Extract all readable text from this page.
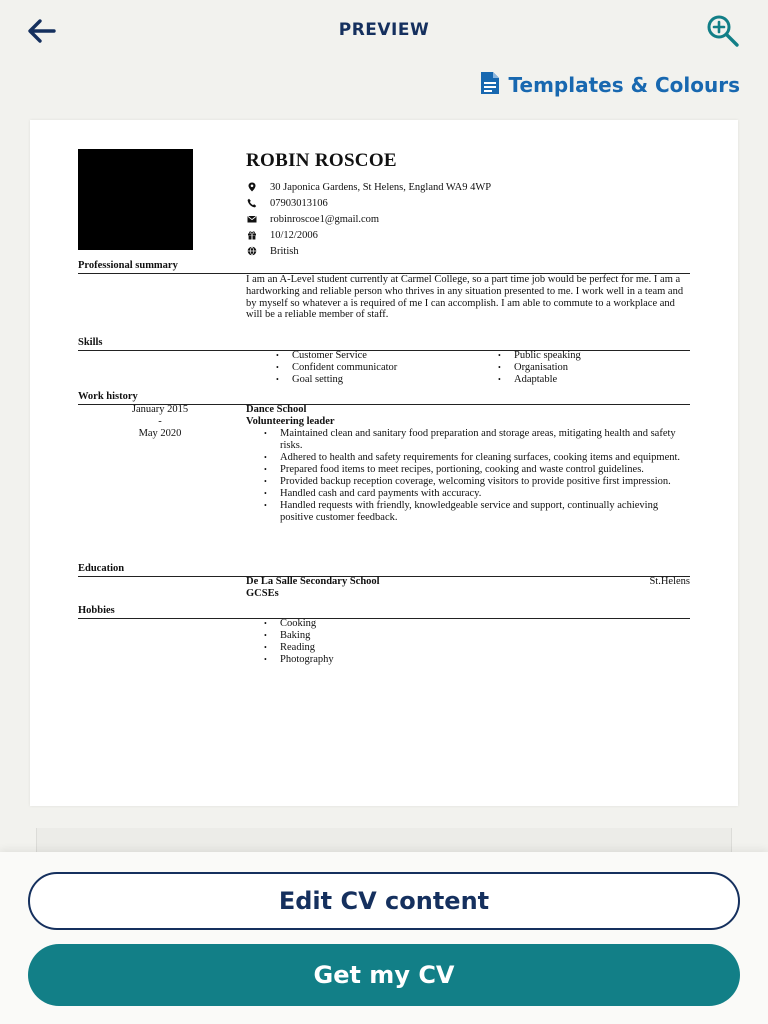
PREVIEW
Templates & Colours
ROBIN ROSCOE
30 Japonica Gardens, St Helens, England WA9 4WP
07903013106
robinroscoe1@gmail.com
10/12/2006
British
Professional summary
I am an A-Level student currently at Carmel College, so a part time job would be perfect for me. I am a hardworking and reliable person who thrives in any situation presented to me. I work well in a team and by myself so whatever a is required of me I can accomplish. I am able to commute to a workplace and will be a reliable member of staff.
Skills
• Customer Service
• Confident communicator
• Goal setting
• Public speaking
• Organisation
• Adaptable
Work history
January 2015
-
May 2020
Dance School
Volunteering leader
• Maintained clean and sanitary food preparation and storage areas, mitigating health and safety risks.
• Adhered to health and safety requirements for cleaning surfaces, cooking items and equipment.
• Prepared food items to meet recipes, portioning, cooking and waste control guidelines.
• Provided backup reception coverage, welcoming visitors to provide positive first impression.
• Handled cash and card payments with accuracy.
• Handled requests with friendly, knowledgeable service and support, continually achieving positive customer feedback.
Education
De La Salle Secondary School
GCSEs
St.Helens
Hobbies
• Cooking
• Baking
• Reading
• Photography
Edit CV content
Get my CV
